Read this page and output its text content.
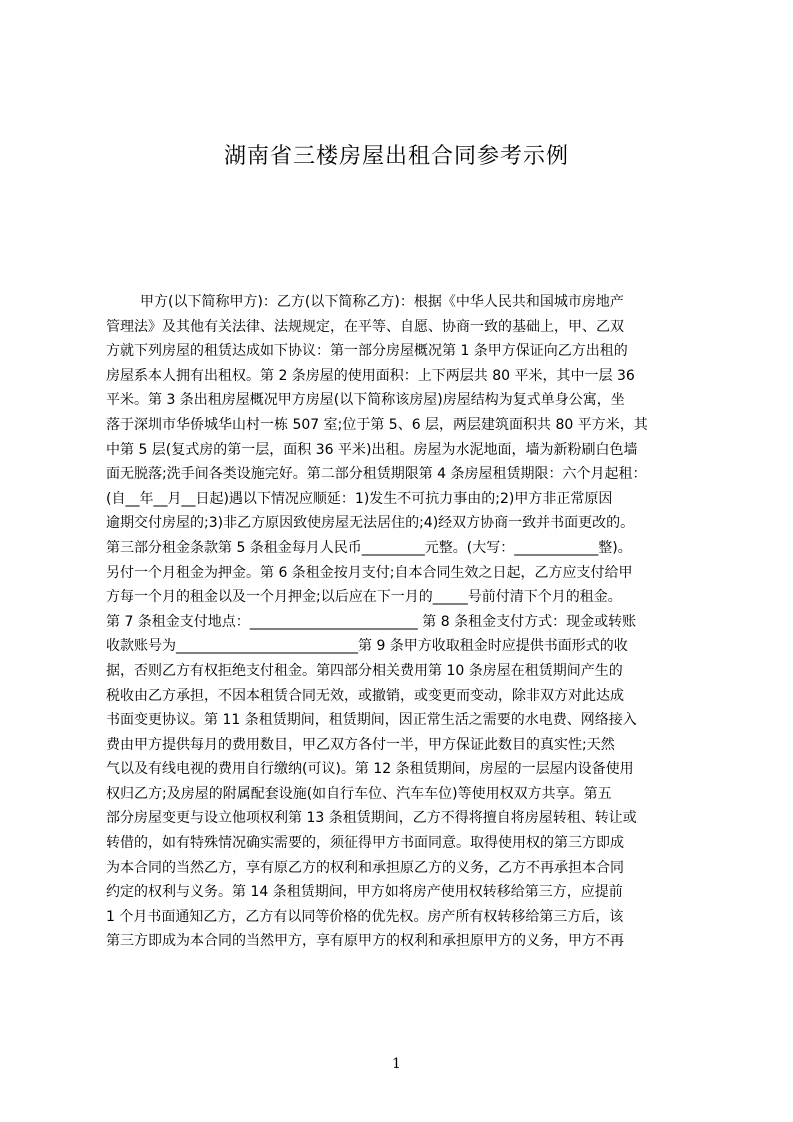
湖南省三楼房屋出租合同参考示例
甲方(以下简称甲方)：乙方(以下简称乙方)：根据《中华人民共和国城市房地产
管理法》及其他有关法律、法规规定，在平等、自愿、协商一致的基础上，甲、乙双
方就下列房屋的租赁达成如下协议：第一部分房屋概况第 1 条甲方保证向乙方出租的
房屋系本人拥有出租权。第 2 条房屋的使用面积：上下两层共 80 平米，其中一层 36
平米。第 3 条出租房屋概况甲方房屋(以下简称该房屋)房屋结构为复式单身公寓，坐
落于深圳市华侨城华山村一栋 507 室;位于第 5、6 层，两层建筑面积共 80 平方米，其
中第 5 层(复式房的第一层，面积 36 平米)出租。房屋为水泥地面，墙为新粉刷白色墙
面无脱落;洗手间各类设施完好。第二部分租赁期限第 4 条房屋租赁期限：六个月起租：
(自__年__月__日起)遇以下情况应顺延：1)发生不可抗力事由的;2)甲方非正常原因
逾期交付房屋的;3)非乙方原因致使房屋无法居住的;4)经双方协商一致并书面更改的。
第三部分租金条款第 5 条租金每月人民币_________元整。(大写：____________整)。
另付一个月租金为押金。第 6 条租金按月支付;自本合同生效之日起，乙方应支付给甲
方每一个月的租金以及一个月押金;以后应在下一月的_____号前付清下个月的租金。
第 7 条租金支付地点：________________________ 第 8 条租金支付方式：现金或转账
收款账号为__________________________第 9 条甲方收取租金时应提供书面形式的收
据，否则乙方有权拒绝支付租金。第四部分相关费用第 10 条房屋在租赁期间产生的
税收由乙方承担，不因本租赁合同无效，或撤销，或变更而变动，除非双方对此达成
书面变更协议。第 11 条租赁期间，租赁期间，因正常生活之需要的水电费、网络接入
费由甲方提供每月的费用数目，甲乙双方各付一半，甲方保证此数目的真实性;天然
气以及有线电视的费用自行缴纳(可议)。第 12 条租赁期间，房屋的一层屋内设备使用
权归乙方;及房屋的附属配套设施(如自行车位、汽车车位)等使用权双方共享。第五
部分房屋变更与设立他项权利第 13 条租赁期间，乙方不得将擅自将房屋转租、转让或
转借的，如有特殊情况确实需要的，须征得甲方书面同意。取得使用权的第三方即成
为本合同的当然乙方，享有原乙方的权利和承担原乙方的义务，乙方不再承担本合同
约定的权利与义务。第 14 条租赁期间，甲方如将房产使用权转移给第三方，应提前
1 个月书面通知乙方，乙方有以同等价格的优先权。房产所有权转移给第三方后，该
第三方即成为本合同的当然甲方，享有原甲方的权利和承担原甲方的义务，甲方不再
1
